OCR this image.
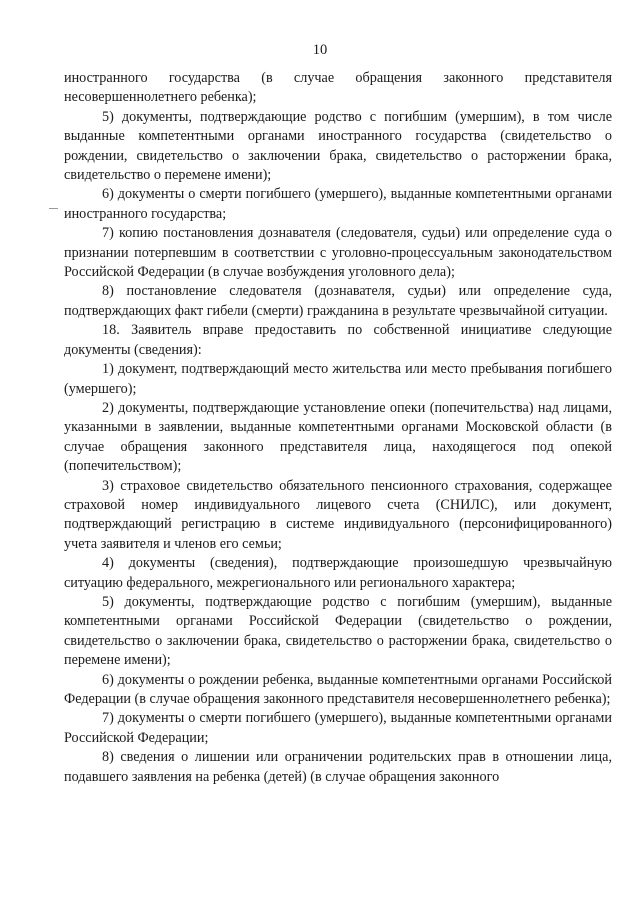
10

иностранного государства (в случае обращения законного представителя несовершеннолетнего ребенка);

5) документы, подтверждающие родство с погибшим (умершим), в том числе выданные компетентными органами иностранного государства (свидетельство о рождении, свидетельство о заключении брака, свидетельство о расторжении брака, свидетельство о перемене имени);

6) документы о смерти погибшего (умершего), выданные компетентными органами иностранного государства;

7) копию постановления дознавателя (следователя, судьи) или определение суда о признании потерпевшим в соответствии с уголовно-процессуальным законодательством Российской Федерации (в случае возбуждения уголовного дела);

8) постановление следователя (дознавателя, судьи) или определение суда, подтверждающих факт гибели (смерти) гражданина в результате чрезвычайной ситуации.

18. Заявитель вправе предоставить по собственной инициативе следующие документы (сведения):

1) документ, подтверждающий место жительства или место пребывания погибшего (умершего);

2) документы, подтверждающие установление опеки (попечительства) над лицами, указанными в заявлении, выданные компетентными органами Московской области (в случае обращения законного представителя лица, находящегося под опекой (попечительством);

3) страховое свидетельство обязательного пенсионного страхования, содержащее страховой номер индивидуального лицевого счета (СНИЛС), или документ, подтверждающий регистрацию в системе индивидуального (персонифицированного) учета заявителя и членов его семьи;

4) документы (сведения), подтверждающие произошедшую чрезвычайную ситуацию федерального, межрегионального или регионального характера;

5) документы, подтверждающие родство с погибшим (умершим), выданные компетентными органами Российской Федерации (свидетельство о рождении, свидетельство о заключении брака, свидетельство о расторжении брака, свидетельство о перемене имени);

6) документы о рождении ребенка, выданные компетентными органами Российской Федерации (в случае обращения законного представителя несовершеннолетнего ребенка);

7) документы о смерти погибшего (умершего), выданные компетентными органами Российской Федерации;

8) сведения о лишении или ограничении родительских прав в отношении лица, подавшего заявления на ребенка (детей) (в случае обращения законного
